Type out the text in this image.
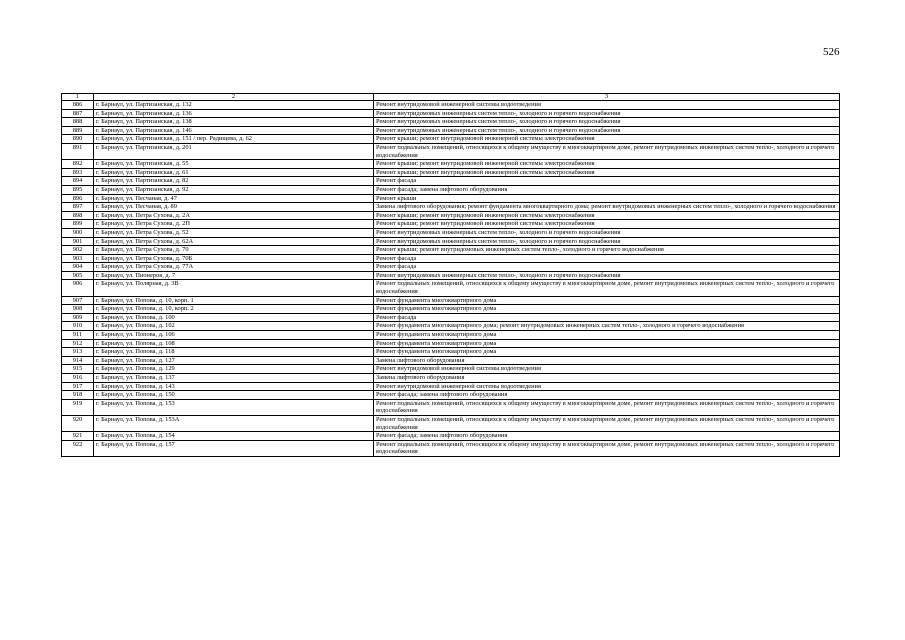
526
1	2	3
886	г. Барнаул, ул. Партизанская, д. 132	Ремонт внутридомовой инженерной системы водоотведения
887	г. Барнаул, ул. Партизанская, д. 136	Ремонт внутридомовых инженерных систем тепло-, холодного и горячего водоснабжения
888	г. Барнаул, ул. Партизанская, д. 138	Ремонт внутридомовых инженерных систем тепло-, холодного и горячего водоснабжения
889	г. Барнаул, ул. Партизанская, д. 146	Ремонт внутридомовых инженерных систем тепло-, холодного и горячего водоснабжения
890	г. Барнаул, ул. Партизанская, д. 151 / пер. Радищева, д. 62	Ремонт крыши; ремонт внутридомовой инженерной системы электроснабжения
891	г. Барнаул, ул. Партизанская, д. 201	Ремонт подвальных помещений, относящихся к общему имуществу в многоквартирном доме, ремонт внутридомовых инженерных систем тепло-, холодного и горячего водоснабжения
892	г. Барнаул, ул. Партизанская, д. 55	Ремонт крыши; ремонт внутридомовой инженерной системы электроснабжения
893	г. Барнаул, ул. Партизанская, д. 61	Ремонт крыши; ремонт внутридомовой инженерной системы электроснабжения
894	г. Барнаул, ул. Партизанская, д. 82	Ремонт фасада
895	г. Барнаул, ул. Партизанская, д. 92	Ремонт фасада; замена лифтового оборудования
896	г. Барнаул, ул. Песчаная, д. 47	Ремонт крыши
897	г. Барнаул, ул. Песчаная, д. 89	Замена лифтового оборудования; ремонт фундамента многоквартирного дома; ремонт внутридомовых инженерных систем тепло-, холодного и горячего водоснабжения
898	г. Барнаул, ул. Петра Сухова, д. 2А	Ремонт крыши; ремонт внутридомовой инженерной системы электроснабжения
899	г. Барнаул, ул. Петра Сухова, д. 2П	Ремонт крыши; ремонт внутридомовой инженерной системы электроснабжения
900	г. Барнаул, ул. Петра Сухова, д. 52	Ремонт внутридомовых инженерных систем тепло-, холодного и горячего водоснабжения
901	г. Барнаул, ул. Петра Сухова, д. 62А	Ремонт внутридомовых инженерных систем тепло-, холодного и горячего водоснабжения
902	г. Барнаул, ул. Петра Сухова, д. 70	Ремонт крыши; ремонт внутридомовых инженерных систем тепло-, холодного и горячего водоснабжения
903	г. Барнаул, ул. Петра Сухова, д. 70Б	Ремонт фасада
904	г. Барнаул, ул. Петра Сухова, д. 77А	Ремонт фасада
905	г. Барнаул, ул. Пионеров, д. 7	Ремонт внутридомовых инженерных систем тепло-, холодного и горячего водоснабжения
906	г. Барнаул, ул. Полярная, д. 3В	Ремонт подвальных помещений, относящихся к общему имуществу в многоквартирном доме, ремонт внутридомовых инженерных систем тепло-, холодного и горячего водоснабжения
907	г. Барнаул, ул. Попова, д. 10, корп. 1	Ремонт фундамента многоквартирного дома
908	г. Барнаул, ул. Попова, д. 10, корп. 2	Ремонт фундамента многоквартирного дома
909	г. Барнаул, ул. Попова, д. 100	Ремонт фасада
910	г. Барнаул, ул. Попова, д. 102	Ремонт фундамента многоквартирного дома; ремонт внутридомовых инженерных систем тепло-, холодного и горячего водоснабжения
911	г. Барнаул, ул. Попова, д. 106	Ремонт фундамента многоквартирного дома
912	г. Барнаул, ул. Попова, д. 108	Ремонт фундамента многоквартирного дома
913	г. Барнаул, ул. Попова, д. 118	Ремонт фундамента многоквартирного дома
914	г. Барнаул, ул. Попова, д. 127	Замена лифтового оборудования
915	г. Барнаул, ул. Попова, д. 129	Ремонт внутридомовой инженерной системы водоотведения
916	г. Барнаул, ул. Попова, д. 137	Замена лифтового оборудования
917	г. Барнаул, ул. Попова, д. 143	Ремонт внутридомовой инженерной системы водоотведения
918	г. Барнаул, ул. Попова, д. 150	Ремонт фасада; замена лифтового оборудования
919	г. Барнаул, ул. Попова, д. 153	Ремонт подвальных помещений, относящихся к общему имуществу в многоквартирном доме, ремонт внутридомовых инженерных систем тепло-, холодного и горячего водоснабжения
920	г. Барнаул, ул. Попова, д. 153А	Ремонт подвальных помещений, относящихся к общему имуществу в многоквартирном доме, ремонт внутридомовых инженерных систем тепло-, холодного и горячего водоснабжения
921	г. Барнаул, ул. Попова, д. 154	Ремонт фасада; замена лифтового оборудования
922	г. Барнаул, ул. Попова, д. 157	Ремонт подвальных помещений, относящихся к общему имуществу в многоквартирном доме, ремонт внутридомовых инженерных систем тепло-, холодного и горячего водоснабжения
